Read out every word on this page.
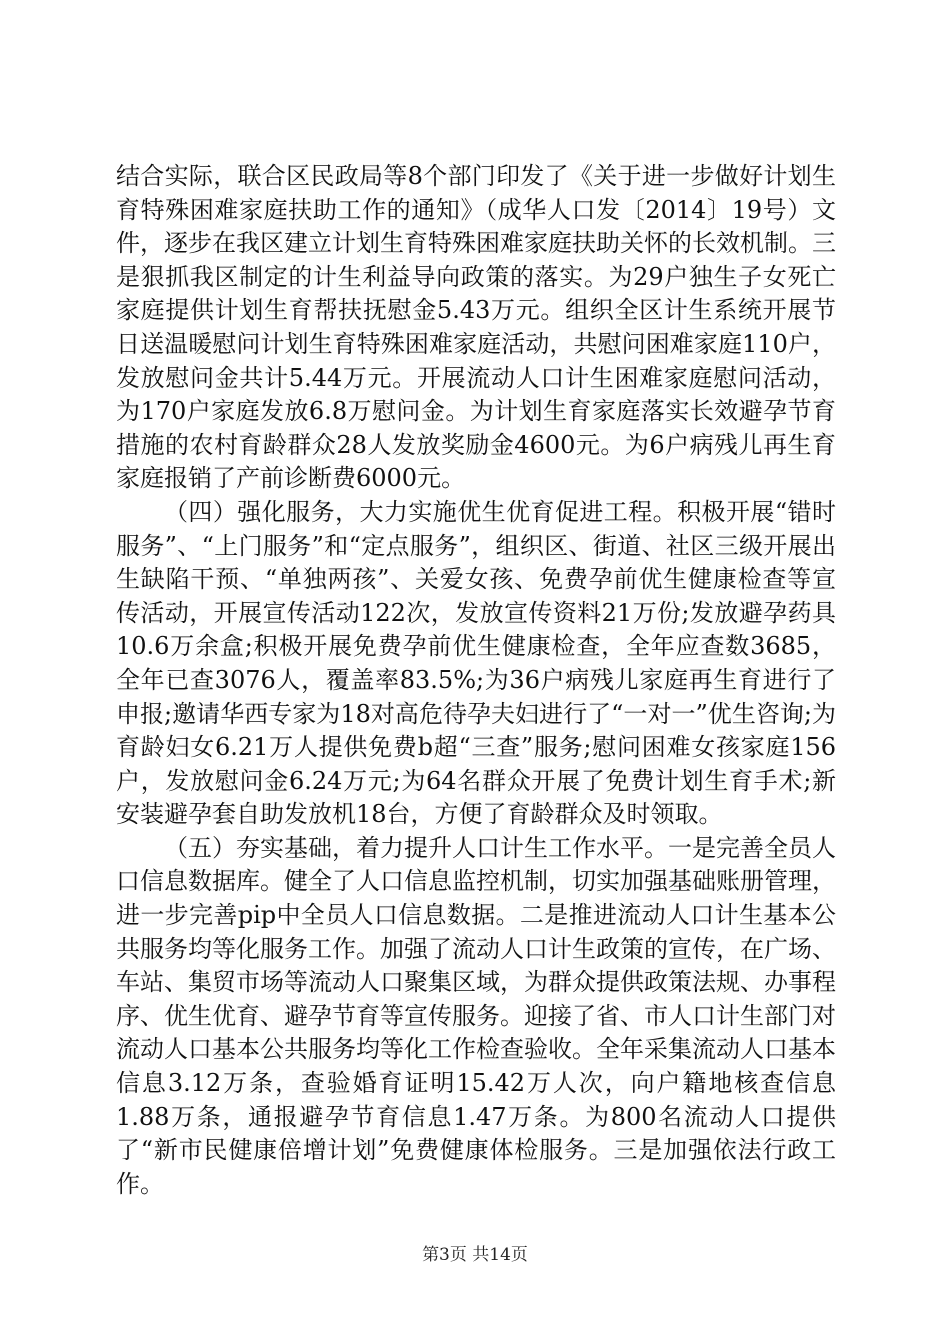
结合实际，联合区民政局等8个部门印发了《关于进一步做好计划生育特殊困难家庭扶助工作的通知》（成华人口发〔2014〕19号）文件，逐步在我区建立计划生育特殊困难家庭扶助关怀的长效机制。三是狠抓我区制定的计生利益导向政策的落实。为29户独生子女死亡家庭提供计划生育帮扶抚慰金5.43万元。组织全区计生系统开展节日送温暖慰问计划生育特殊困难家庭活动，共慰问困难家庭110户，发放慰问金共计5.44万元。开展流动人口计生困难家庭慰问活动，为170户家庭发放6.8万慰问金。为计划生育家庭落实长效避孕节育措施的农村育龄群众28人发放奖励金4600元。为6户病残儿再生育家庭报销了产前诊断费6000元。

（四）强化服务，大力实施优生优育促进工程。积极开展“错时服务”、“上门服务”和“定点服务”，组织区、街道、社区三级开展出生缺陷干预、“单独两孩”、关爱女孩、免费孕前优生健康检查等宣传活动，开展宣传活动122次，发放宣传资料21万份;发放避孕药具10.6万余盒;积极开展免费孕前优生健康检查，全年应查数3685，全年已查3076人，覆盖率83.5%;为36户病残儿家庭再生育进行了申报;邀请华西专家为18对高危待孕夫妇进行了“一对一”优生咨询;为育龄妇女6.21万人提供免费b超“三查”服务;慰问困难女孩家庭156户，发放慰问金6.24万元;为64名群众开展了免费计划生育手术;新安装避孕套自助发放机18台，方便了育龄群众及时领取。

（五）夯实基础，着力提升人口计生工作水平。一是完善全员人口信息数据库。健全了人口信息监控机制，切实加强基础账册管理，进一步完善pip中全员人口信息数据。二是推进流动人口计生基本公共服务均等化服务工作。加强了流动人口计生政策的宣传，在广场、车站、集贸市场等流动人口聚集区域，为群众提供政策法规、办事程序、优生优育、避孕节育等宣传服务。迎接了省、市人口计生部门对流动人口基本公共服务均等化工作检查验收。全年采集流动人口基本信息3.12万条，查验婚育证明15.42万人次，向户籍地核查信息1.88万条，通报避孕节育信息1.47万条。为800名流动人口提供了“新市民健康倍增计划”免费健康体检服务。三是加强依法行政工作。

第3页 共14页
